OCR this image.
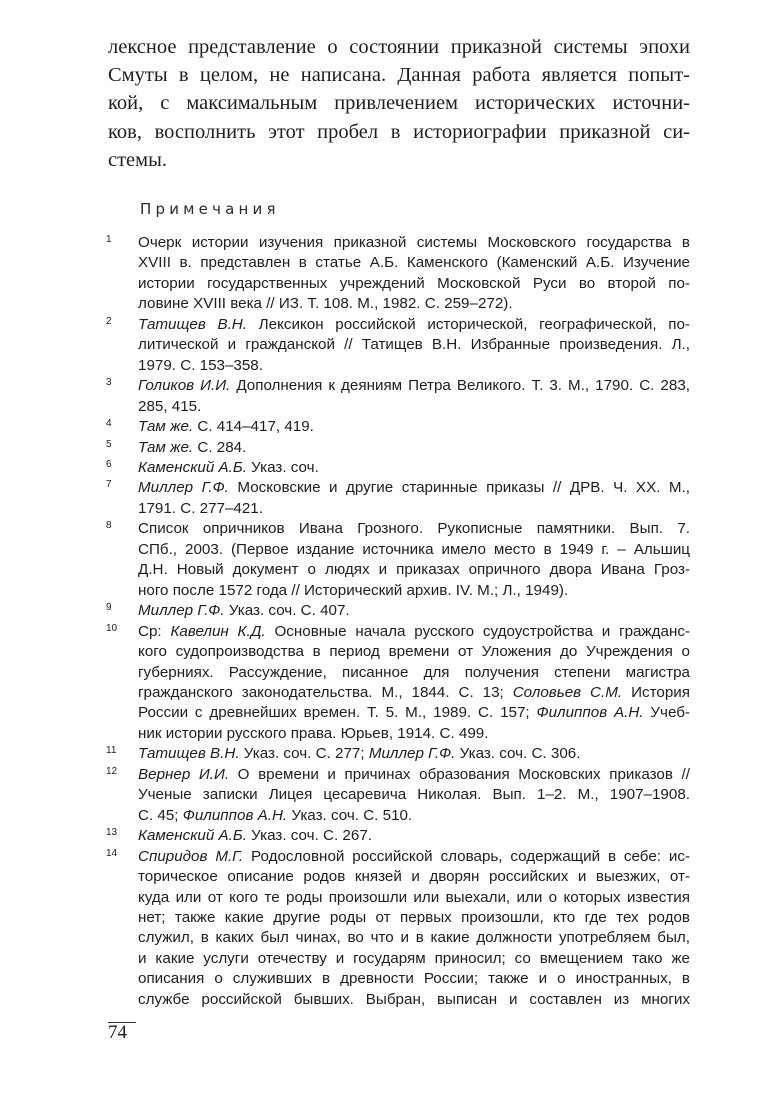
лексное представление о состоянии приказной системы эпохи
Смуты в целом, не написана. Данная работа является попыт-
кой, с максимальным привлечением исторических источни-
ков, восполнить этот пробел в историографии приказной си-
стемы.
Примечания
1 Очерк истории изучения приказной системы Московского государства в
XVIII в. представлен в статье А.Б. Каменского (Каменский А.Б. Изучение
истории государственных учреждений Московской Руси во второй по-
ловине XVIII века // ИЗ. Т. 108. М., 1982. С. 259–272).
2 Татищев В.Н. Лексикон российской исторической, географической, по-
литической и гражданской // Татищев В.Н. Избранные произведения. Л.,
1979. С. 153–358.
3 Голиков И.И. Дополнения к деяниям Петра Великого. Т. 3. М., 1790. С. 283,
285, 415.
4 Там же. С. 414–417, 419.
5 Там же. С. 284.
6 Каменский А.Б. Указ. соч.
7 Миллер Г.Ф. Московские и другие старинные приказы // ДРВ. Ч. XX. М.,
1791. С. 277–421.
8 Список опричников Ивана Грозного. Рукописные памятники. Вып. 7.
СПб., 2003. (Первое издание источника имело место в 1949 г. – Альшиц
Д.Н. Новый документ о людях и приказах опричного двора Ивана Гроз-
ного после 1572 года // Исторический архив. IV. М.; Л., 1949).
9 Миллер Г.Ф. Указ. соч. С. 407.
10 Ср: Кавелин К.Д. Основные начала русского судоустройства и гражданс-
кого судопроизводства в период времени от Уложения до Учреждения о
губерниях. Рассуждение, писанное для получения степени магистра
гражданского законодательства. М., 1844. С. 13; Соловьев С.М. История
России с древнейших времен. Т. 5. М., 1989. С. 157; Филиппов А.Н. Учеб-
ник истории русского права. Юрьев, 1914. С. 499.
11 Татищев В.Н. Указ. соч. С. 277; Миллер Г.Ф. Указ. соч. С. 306.
12 Вернер И.И. О времени и причинах образования Московских приказов //
Ученые записки Лицея цесаревича Николая. Вып. 1–2. М., 1907–1908.
С. 45; Филиппов А.Н. Указ. соч. С. 510.
13 Каменский А.Б. Указ. соч. С. 267.
14 Спиридов М.Г. Родословной российской словарь, содержащий в себе: ис-
торическое описание родов князей и дворян российских и выезжих, от-
куда или от кого те роды произошли или выехали, или о которых известия
нет; также какие другие роды от первых произошли, кто где тех родов
служил, в каких был чинах, во что и в какие должности употребляем был,
и какие услуги отечеству и государям приносил; со вмещением тако же
описания о служивших в древности России; также и о иностранных, в
службе российской бывших. Выбран, выписан и составлен из многих
74
